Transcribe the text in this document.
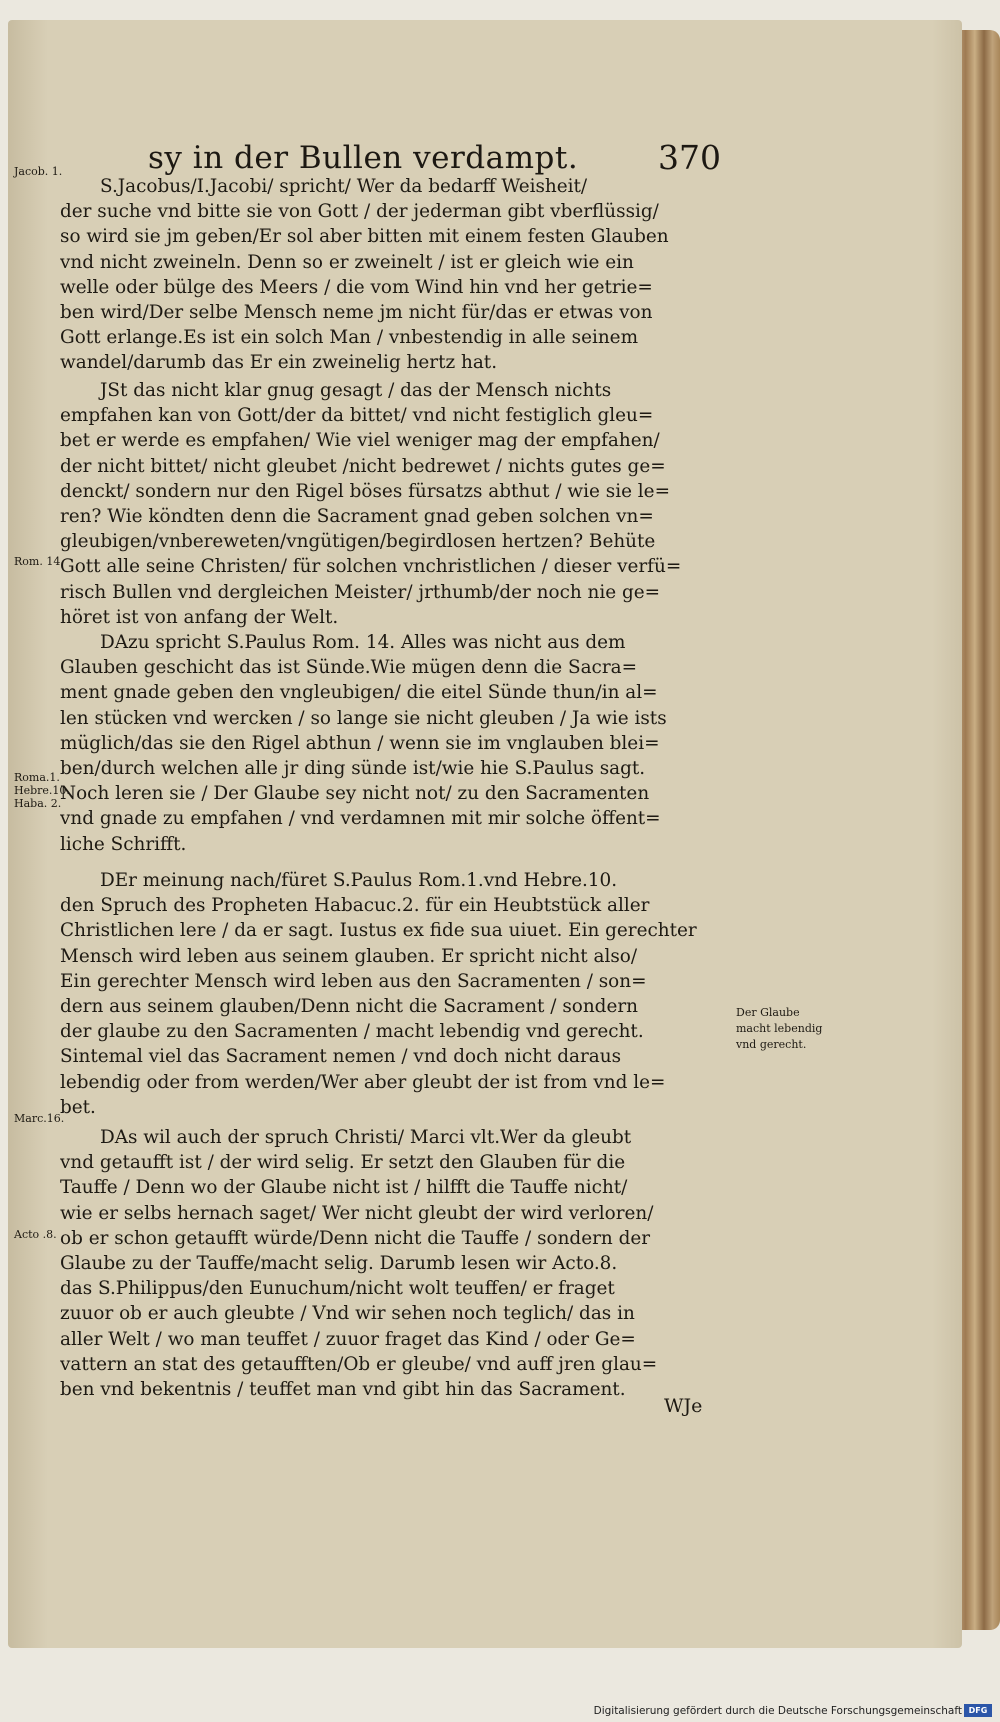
sy in der Bullen verdampt. 370
Jacob. 1.
Rom. 14.
Roma.1.
Hebre.10.
Haba. 2.
Der Glaube
macht lebendig
vnd gerecht.
Marc.16.
Acto .8.
S.Jacobus/I.Jacobi/ spricht/ Wer da bedarff Weisheit/
der suche vnd bitte sie von Gott / der jederman gibt vberflüssig/
so wird sie jm geben/Er sol aber bitten mit einem festen Glauben
vnd nicht zweineln. Denn so er zweinelt / ist er gleich wie ein
welle oder bülge des Meers / die vom Wind hin vnd her getrie=
ben wird/Der selbe Mensch neme jm nicht für/das er etwas von
Gott erlange.Es ist ein solch Man / vnbestendig in alle seinem
wandel/darumb das Er ein zweinelig hertz hat.
JSt das nicht klar gnug gesagt / das der Mensch nichts
empfahen kan von Gott/der da bittet/ vnd nicht festiglich gleu=
bet er werde es empfahen/ Wie viel weniger mag der empfahen/
der nicht bittet/ nicht gleubet /nicht bedrewet / nichts gutes ge=
denckt/ sondern nur den Rigel böses fürsatzs abthut / wie sie le=
ren? Wie köndten denn die Sacrament gnad geben solchen vn=
gleubigen/vnbereweten/vngütigen/begirdlosen hertzen? Behüte
Gott alle seine Christen/ für solchen vnchristlichen / dieser verfü=
risch Bullen vnd dergleichen Meister/ jrthumb/der noch nie ge=
höret ist von anfang der Welt.
DAzu spricht S.Paulus Rom. 14. Alles was nicht aus dem
Glauben geschicht das ist Sünde.Wie mügen denn die Sacra=
ment gnade geben den vngleubigen/ die eitel Sünde thun/in al=
len stücken vnd wercken / so lange sie nicht gleuben / Ja wie ists
müglich/das sie den Rigel abthun / wenn sie im vnglauben blei=
ben/durch welchen alle jr ding sünde ist/wie hie S.Paulus sagt.
Noch leren sie / Der Glaube sey nicht not/ zu den Sacramenten
vnd gnade zu empfahen / vnd verdamnen mit mir solche öffent=
liche Schrifft.
DEr meinung nach/füret S.Paulus Rom.1.vnd Hebre.10.
den Spruch des Propheten Habacuc.2. für ein Heubtstück aller
Christlichen lere / da er sagt. Iustus ex fide sua uiuet. Ein gerechter
Mensch wird leben aus seinem glauben. Er spricht nicht also/
Ein gerechter Mensch wird leben aus den Sacramenten / son=
dern aus seinem glauben/Denn nicht die Sacrament / sondern
der glaube zu den Sacramenten / macht lebendig vnd gerecht.
Sintemal viel das Sacrament nemen / vnd doch nicht daraus
lebendig oder from werden/Wer aber gleubt der ist from vnd le=
bet.
DAs wil auch der spruch Christi/ Marci vlt.Wer da gleubt
vnd getaufft ist / der wird selig. Er setzt den Glauben für die
Tauffe / Denn wo der Glaube nicht ist / hilfft die Tauffe nicht/
wie er selbs hernach saget/ Wer nicht gleubt der wird verloren/
ob er schon getaufft würde/Denn nicht die Tauffe / sondern der
Glaube zu der Tauffe/macht selig. Darumb lesen wir Acto.8.
das S.Philippus/den Eunuchum/nicht wolt teuffen/ er fraget
zuuor ob er auch gleubte / Vnd wir sehen noch teglich/ das in
aller Welt / wo man teuffet / zuuor fraget das Kind / oder Ge=
vattern an stat des getaufften/Ob er gleube/ vnd auff jren glau=
ben vnd bekentnis / teuffet man vnd gibt hin das Sacrament.
WJe
Digitalisierung gefördert durch die Deutsche Forschungsgemeinschaft DFG
